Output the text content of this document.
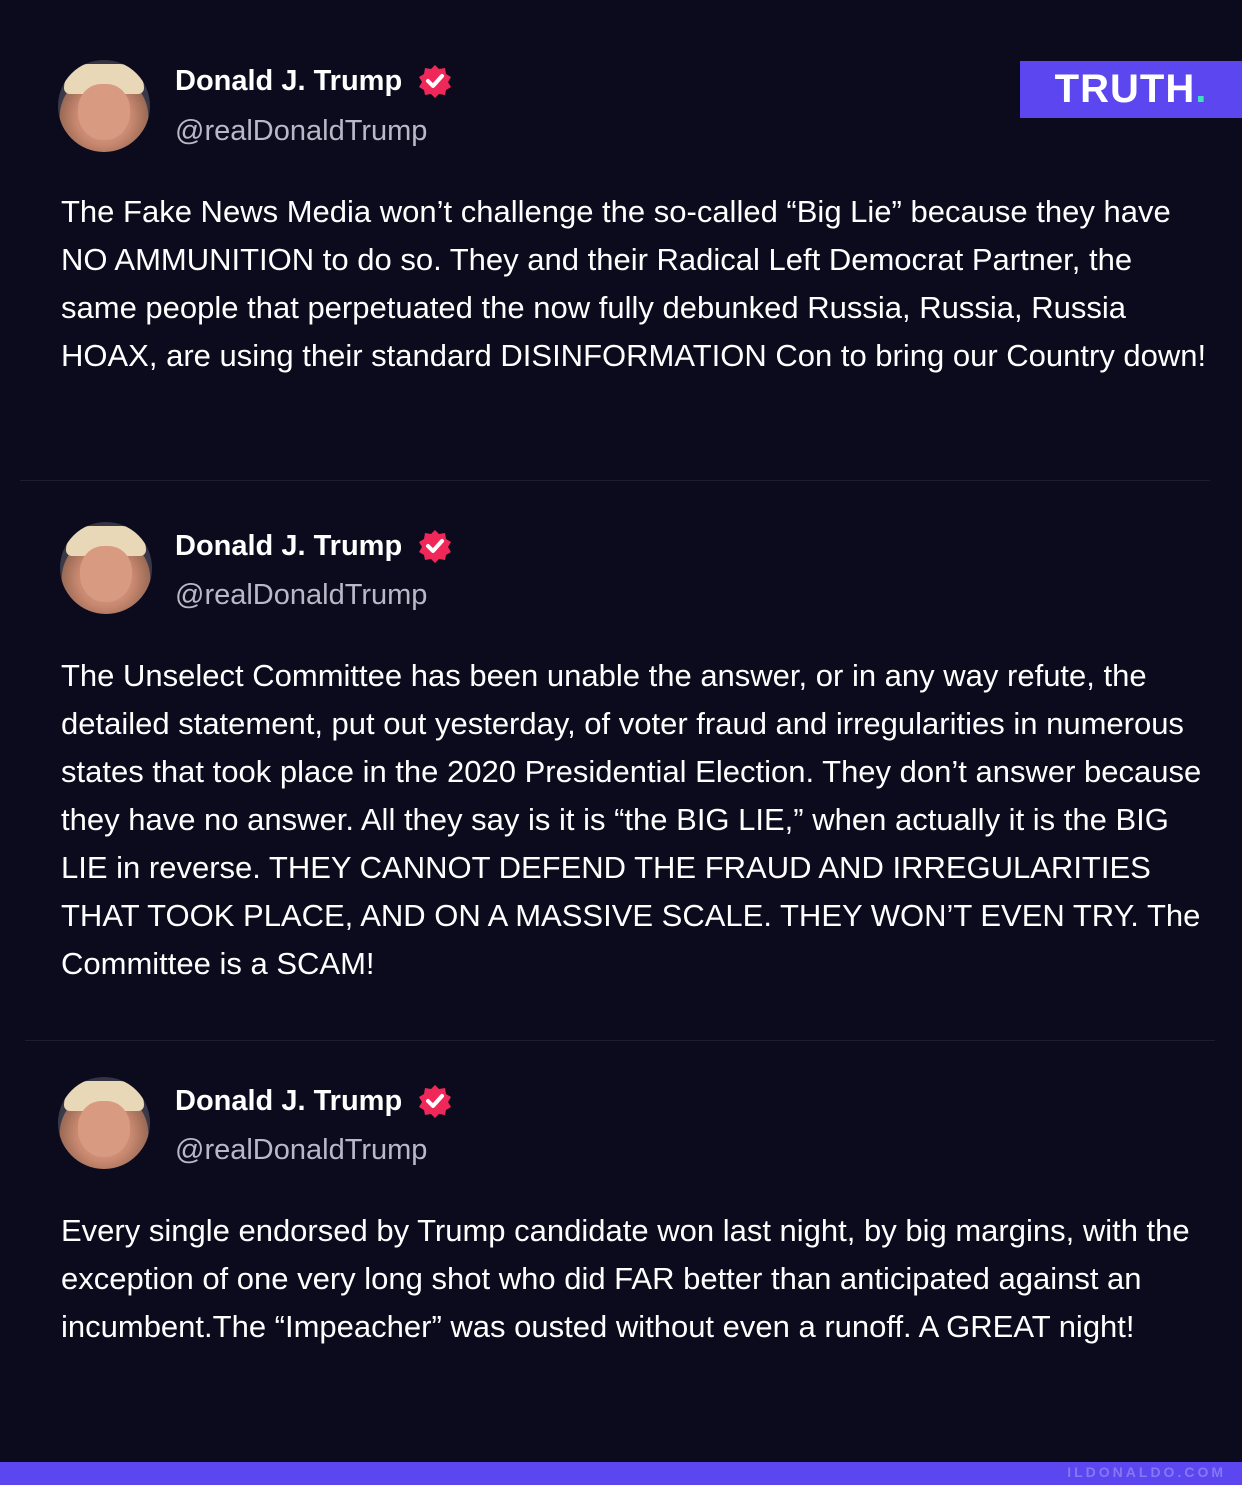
TRUTH.
Donald J. Trump
@realDonaldTrump

The Fake News Media won’t challenge the so-called “Big Lie” because they have NO AMMUNITION to do so. They and their Radical Left Democrat Partner, the same people that perpetuated the now fully debunked Russia, Russia, Russia HOAX, are using their standard DISINFORMATION Con to bring our Country down!

Donald J. Trump
@realDonaldTrump

The Unselect Committee has been unable the answer, or in any way refute, the detailed statement, put out yesterday, of voter fraud and irregularities in numerous states that took place in the 2020 Presidential Election. They don’t answer because they have no answer. All they say is it is “the BIG LIE,” when actually it is the BIG LIE in reverse. THEY CANNOT DEFEND THE FRAUD AND IRREGULARITIES THAT TOOK PLACE, AND ON A MASSIVE SCALE. THEY WON’T EVEN TRY. The Committee is a SCAM!

Donald J. Trump
@realDonaldTrump

Every single endorsed by Trump candidate won last night, by big margins, with the exception of one very long shot who did FAR better than anticipated against an incumbent.The “Impeacher” was ousted without even a runoff. A GREAT night!

ILDONALDO.COM
